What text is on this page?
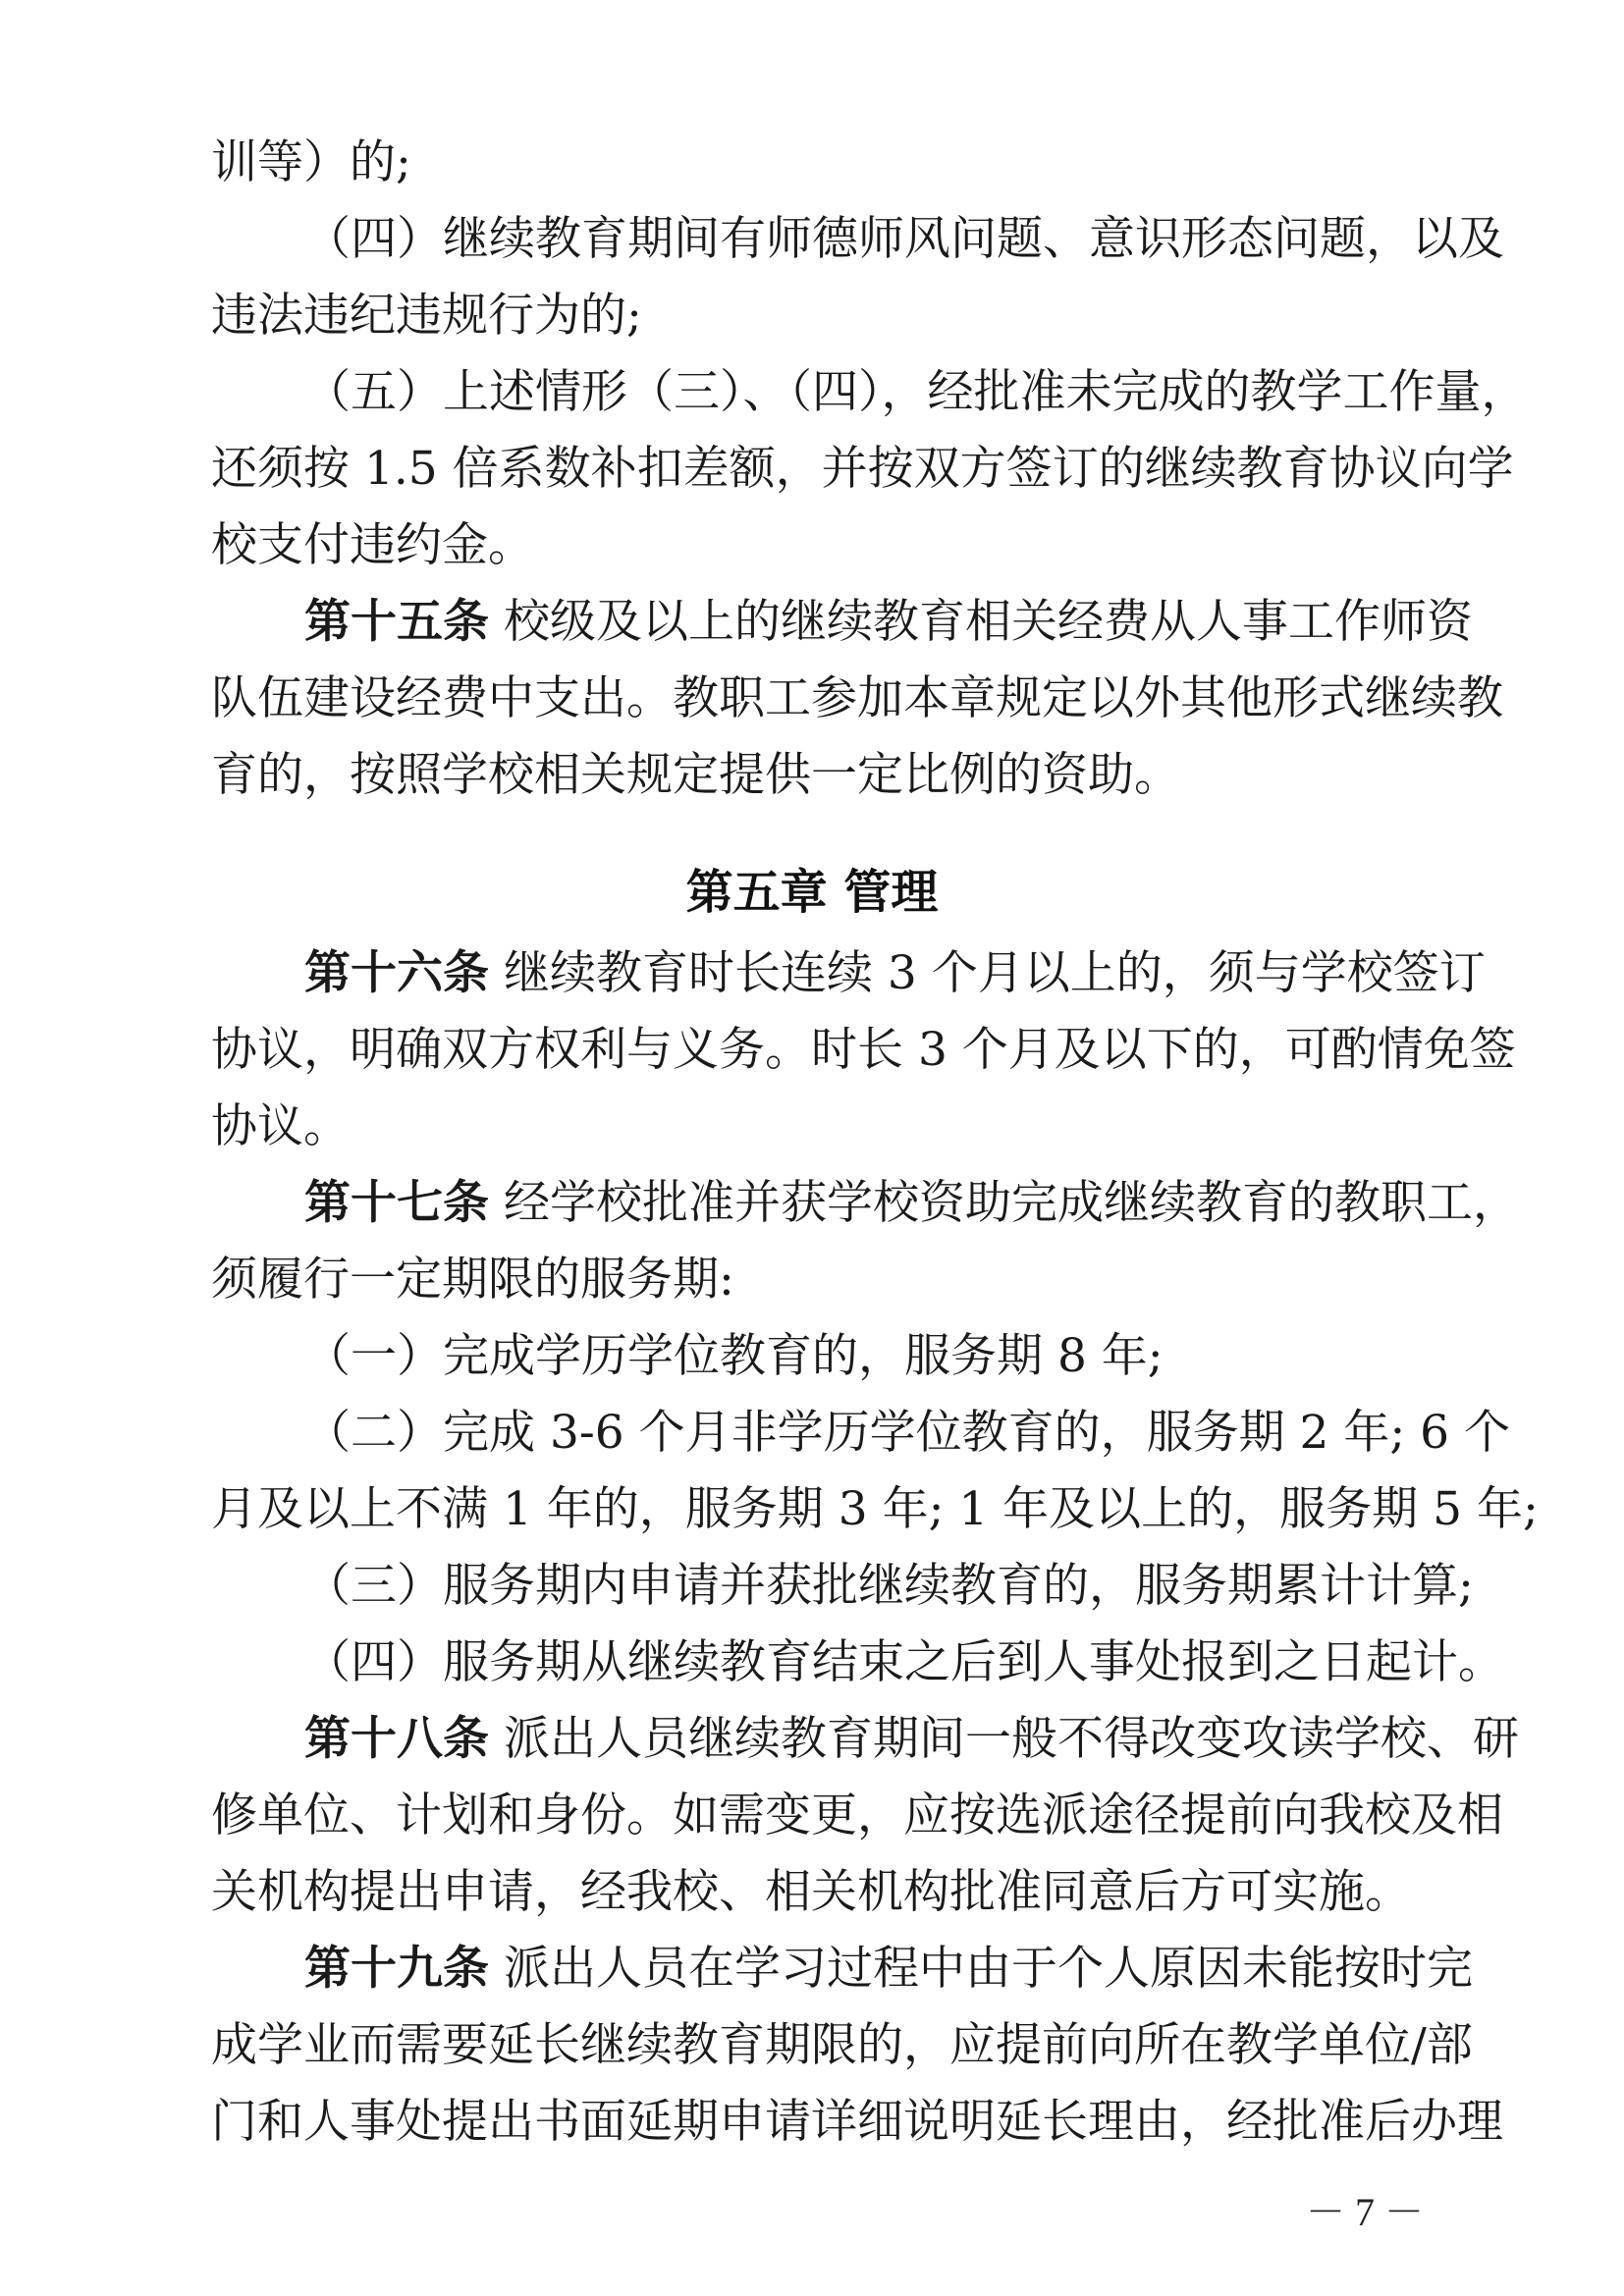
训等）的;

（四）继续教育期间有师德师风问题、意识形态问题，以及

违法违纪违规行为的;

（五）上述情形（三）、（四），经批准未完成的教学工作量，

还须按 1.5 倍系数补扣差额，并按双方签订的继续教育协议向学

校支付违约金。

第十五条 校级及以上的继续教育相关经费从人事工作师资

队伍建设经费中支出。教职工参加本章规定以外其他形式继续教

育的，按照学校相关规定提供一定比例的资助。

第五章 管理

第十六条 继续教育时长连续 3 个月以上的，须与学校签订

协议，明确双方权利与义务。时长 3 个月及以下的，可酌情免签

协议。

第十七条 经学校批准并获学校资助完成继续教育的教职工，

须履行一定期限的服务期:

（一）完成学历学位教育的，服务期 8 年;

（二）完成 3-6 个月非学历学位教育的，服务期 2 年; 6 个

月及以上不满 1 年的，服务期 3 年; 1 年及以上的，服务期 5 年;

（三）服务期内申请并获批继续教育的，服务期累计计算;

（四）服务期从继续教育结束之后到人事处报到之日起计。

第十八条 派出人员继续教育期间一般不得改变攻读学校、研

修单位、计划和身份。如需变更，应按选派途径提前向我校及相

关机构提出申请，经我校、相关机构批准同意后方可实施。

第十九条 派出人员在学习过程中由于个人原因未能按时完

成学业而需要延长继续教育期限的，应提前向所在教学单位/部

门和人事处提出书面延期申请详细说明延长理由，经批准后办理

－ 7 －
